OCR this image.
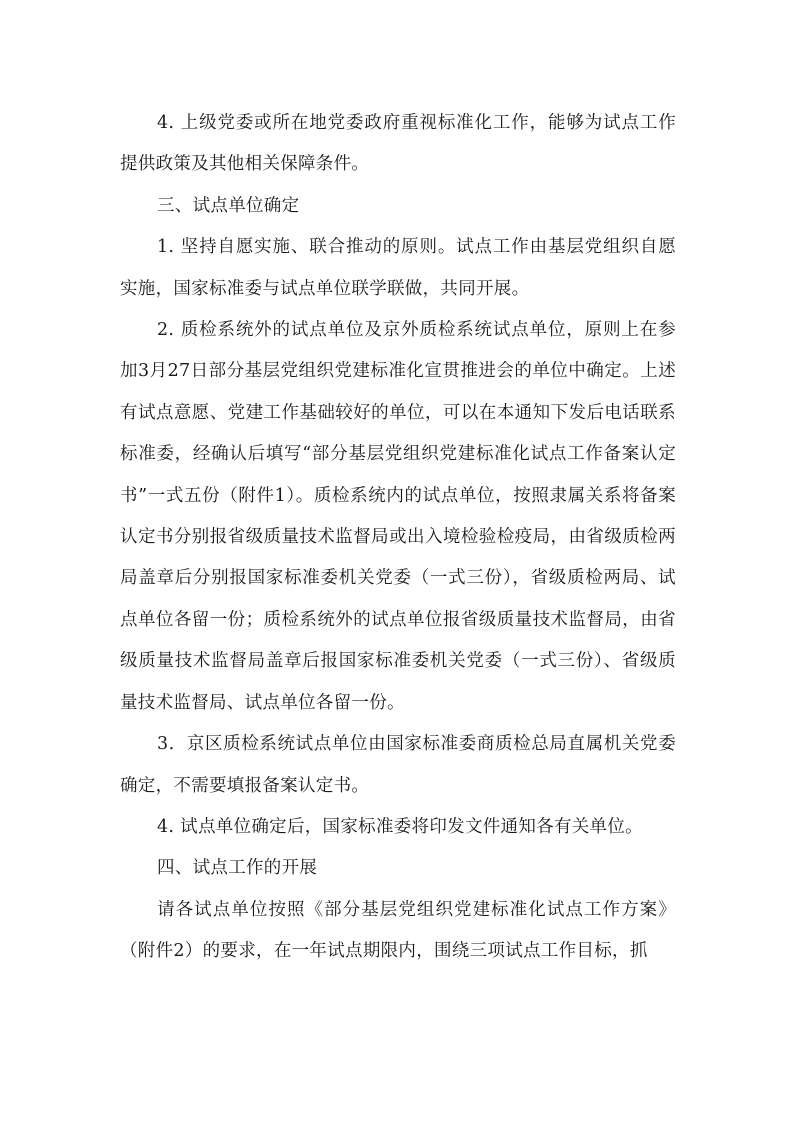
4. 上级党委或所在地党委政府重视标准化工作，能够为试点工作提供政策及其他相关保障条件。

三、试点单位确定

1. 坚持自愿实施、联合推动的原则。试点工作由基层党组织自愿实施，国家标准委与试点单位联学联做，共同开展。

2. 质检系统外的试点单位及京外质检系统试点单位，原则上在参加3月27日部分基层党组织党建标准化宣贯推进会的单位中确定。上述有试点意愿、党建工作基础较好的单位，可以在本通知下发后电话联系标准委，经确认后填写“部分基层党组织党建标准化试点工作备案认定书”一式五份（附件1）。质检系统内的试点单位，按照隶属关系将备案认定书分别报省级质量技术监督局或出入境检验检疫局，由省级质检两局盖章后分别报国家标准委机关党委（一式三份），省级质检两局、试点单位各留一份；质检系统外的试点单位报省级质量技术监督局，由省级质量技术监督局盖章后报国家标准委机关党委（一式三份）、省级质量技术监督局、试点单位各留一份。

3．京区质检系统试点单位由国家标准委商质检总局直属机关党委确定，不需要填报备案认定书。

4. 试点单位确定后，国家标准委将印发文件通知各有关单位。

四、试点工作的开展

请各试点单位按照《部分基层党组织党建标准化试点工作方案》（附件2）的要求，在一年试点期限内，围绕三项试点工作目标，抓
